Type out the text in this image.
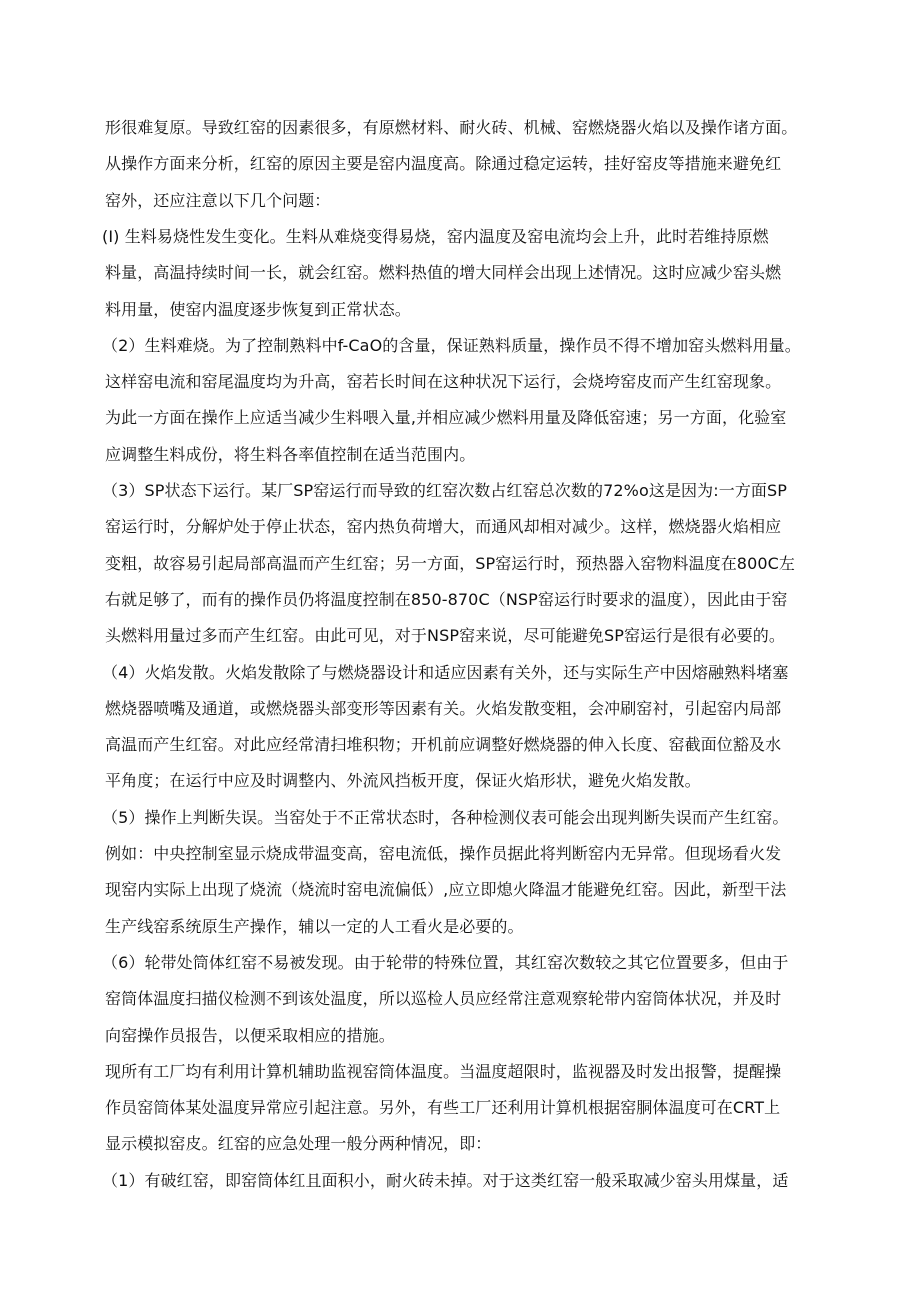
形很难复原。导致红窑的因素很多，有原燃材料、耐火砖、机械、窑燃烧器火焰以及操作诸方面。
从操作方面来分析，红窑的原因主要是窑内温度高。除通过稳定运转，挂好窑皮等措施来避免红
窑外，还应注意以下几个问题：
(I) 生料易烧性发生变化。生料从难烧变得易烧，窑内温度及窑电流均会上升，此时若维持原燃
料量，高温持续时间一长，就会红窑。燃料热值的增大同样会出现上述情况。这时应减少窑头燃
料用量，使窑内温度逐步恢复到正常状态。
（2）生料难烧。为了控制熟料中f-CaO的含量，保证熟料质量，操作员不得不增加窑头燃料用量。
这样窑电流和窑尾温度均为升高，窑若长时间在这种状况下运行，会烧垮窑皮而产生红窑现象。
为此一方面在操作上应适当减少生料喂入量,并相应减少燃料用量及降低窑速；另一方面，化验室
应调整生料成份，将生料各率值控制在适当范围内。
（3）SP状态下运行。某厂SP窑运行而导致的红窑次数占红窑总次数的72%o这是因为:一方面SP
窑运行时，分解炉处于停止状态，窑内热负荷增大，而通风却相对减少。这样，燃烧器火焰相应
变粗，故容易引起局部高温而产生红窑；另一方面，SP窑运行时，预热器入窑物料温度在800C左
右就足够了，而有的操作员仍将温度控制在850-870C（NSP窑运行时要求的温度），因此由于窑
头燃料用量过多而产生红窑。由此可见，对于NSP窑来说，尽可能避免SP窑运行是很有必要的。
（4）火焰发散。火焰发散除了与燃烧器设计和适应因素有关外，还与实际生产中因熔融熟料堵塞
燃烧器喷嘴及通道，或燃烧器头部变形等因素有关。火焰发散变粗，会冲刷窑衬，引起窑内局部
高温而产生红窑。对此应经常清扫堆积物；开机前应调整好燃烧器的伸入长度、窑截面位豁及水
平角度；在运行中应及时调整内、外流风挡板开度，保证火焰形状，避免火焰发散。
（5）操作上判断失误。当窑处于不正常状态时，各种检测仪表可能会出现判断失误而产生红窑。
例如：中央控制室显示烧成带温变高，窑电流低，操作员据此将判断窑内无异常。但现场看火发
现窑内实际上出现了烧流（烧流时窑电流偏低）,应立即熄火降温才能避免红窑。因此，新型干法
生产线窑系统原生产操作，辅以一定的人工看火是必要的。
（6）轮带处筒体红窑不易被发现。由于轮带的特殊位置，其红窑次数较之其它位置要多，但由于
窑筒体温度扫描仪检测不到该处温度，所以巡检人员应经常注意观察轮带内窑筒体状况，并及时
向窑操作员报告，以便采取相应的措施。
现所有工厂均有利用计算机辅助监视窑筒体温度。当温度超限时，监视器及时发出报警，提醒操
作员窑筒体某处温度异常应引起注意。另外，有些工厂还利用计算机根据窑胴体温度可在CRT上
显示模拟窑皮。红窑的应急处理一般分两种情况，即：
（1）有破红窑，即窑筒体红且面积小，耐火砖未掉。对于这类红窑一般采取减少窑头用煤量，适
